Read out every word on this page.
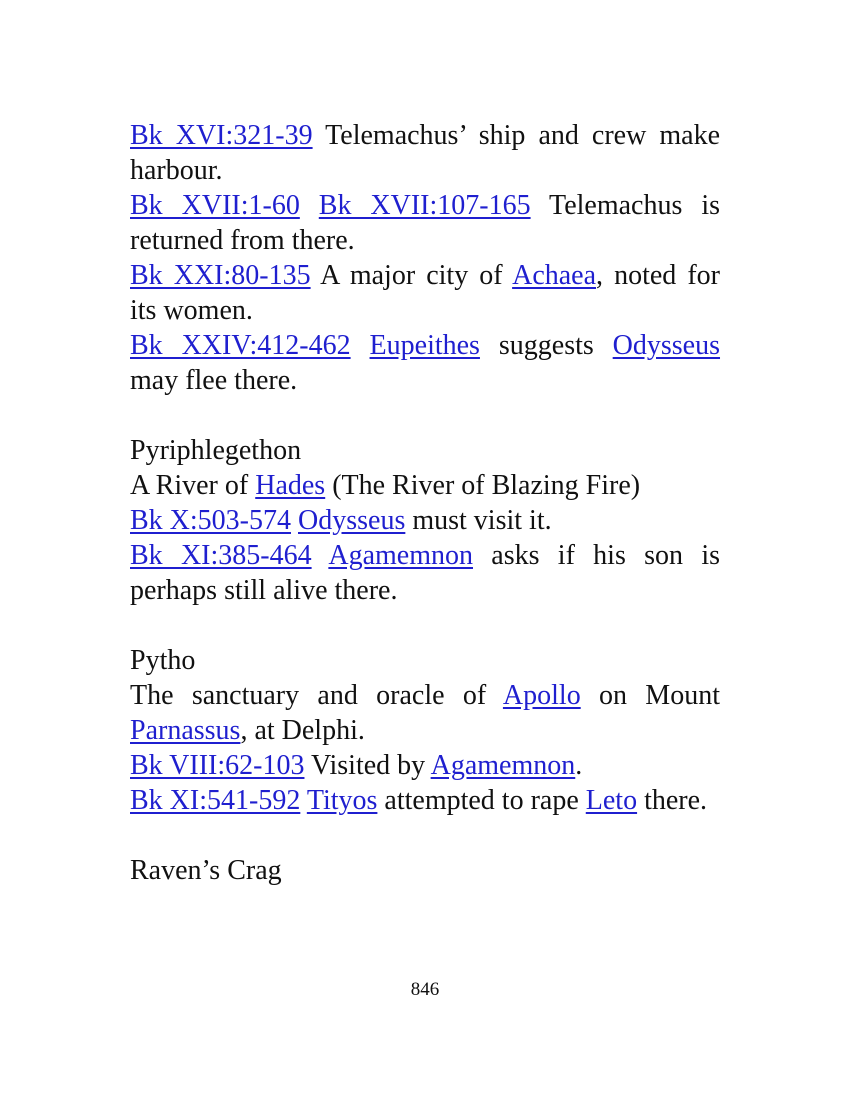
Bk XVI:321-39 Telemachus’ ship and crew make harbour.

Bk XVII:1-60 Bk XVII:107-165 Telemachus is returned from there.

Bk XXI:80-135 A major city of Achaea, noted for its women.

Bk XXIV:412-462 Eupeithes suggests Odysseus may flee there.

Pyriphlegethon

A River of Hades (The River of Blazing Fire)

Bk X:503-574 Odysseus must visit it.

Bk XI:385-464 Agamemnon asks if his son is perhaps still alive there.

Pytho

The sanctuary and oracle of Apollo on Mount Parnassus, at Delphi.

Bk VIII:62-103 Visited by Agamemnon.

Bk XI:541-592 Tityos attempted to rape Leto there.

Raven’s Crag

846
